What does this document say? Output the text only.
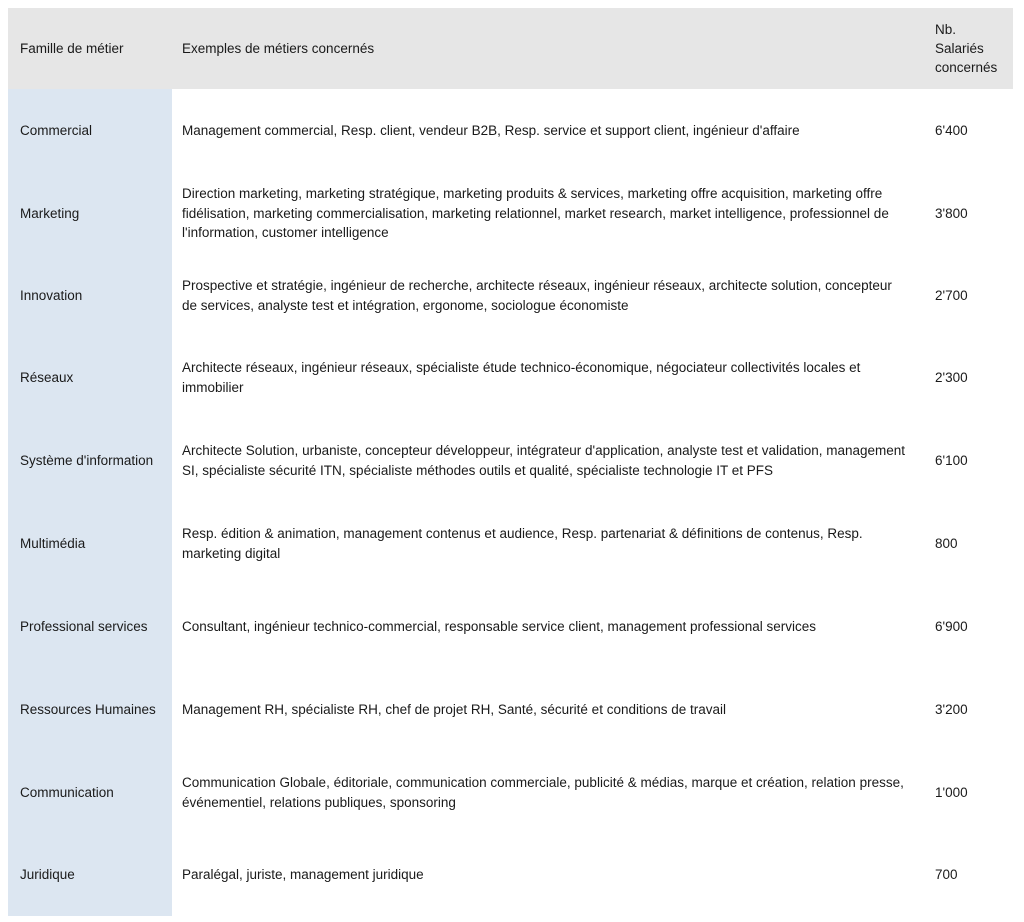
Famille de métier	Exemples de métiers concernés	Nb.
Salariés
concernés
Commercial	Management commercial, Resp. client, vendeur B2B, Resp. service et support client, ingénieur d'affaire	6'400
Marketing	Direction marketing, marketing stratégique, marketing produits & services, marketing offre acquisition, marketing offre fidélisation, marketing commercialisation, marketing relationnel, market research, market intelligence, professionnel de l'information, customer intelligence	3'800
Innovation	Prospective et stratégie, ingénieur de recherche, architecte réseaux, ingénieur réseaux, architecte solution, concepteur de services, analyste test et intégration, ergonome, sociologue économiste	2'700
Réseaux	Architecte réseaux, ingénieur réseaux, spécialiste étude technico-économique, négociateur collectivités locales et immobilier	2'300
Système d'information	Architecte Solution, urbaniste, concepteur développeur, intégrateur d'application, analyste test et validation, management SI, spécialiste sécurité ITN, spécialiste méthodes outils et qualité, spécialiste technologie IT et PFS	6'100
Multimédia	Resp. édition & animation, management contenus et audience, Resp. partenariat & définitions de contenus, Resp. marketing digital	800
Professional services	Consultant, ingénieur technico-commercial, responsable service client, management professional services	6'900
Ressources Humaines	Management RH, spécialiste RH, chef de projet RH, Santé, sécurité et conditions de travail	3'200
Communication	Communication Globale, éditoriale, communication commerciale, publicité & médias, marque et création, relation presse, événementiel, relations publiques, sponsoring	1'000
Juridique	Paralégal, juriste, management juridique	700
